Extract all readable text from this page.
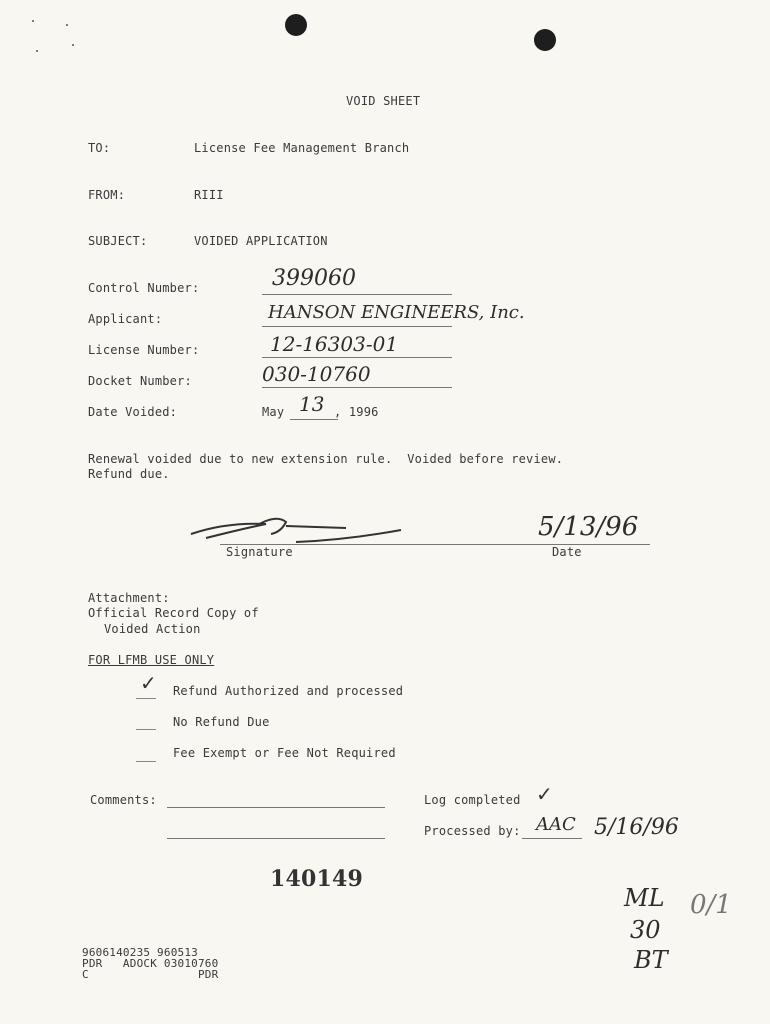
VOID SHEET
TO:	License Fee Management Branch
FROM:	RIII
SUBJECT:	VOIDED APPLICATION
Control Number:	399060
Applicant:	HANSON ENGINEERS, Inc.
License Number:	12-16303-01
Docket Number:	030-10760
Date Voided:	May 13 , 1996
Renewal voided due to new extension rule.  Voided before review.
Refund due.
Signature
5/13/96
Date
Attachment:
Official Record Copy of
Voided Action
FOR LFMB USE ONLY
✓ Refund Authorized and processed
No Refund Due
Fee Exempt or Fee Not Required
Comments:	Log completed ✓
Processed by: AAC 5/16/96
140149
ML
30
BT
0/1
9606140235 960513
PDR   ADOCK 03010760
C                PDR
